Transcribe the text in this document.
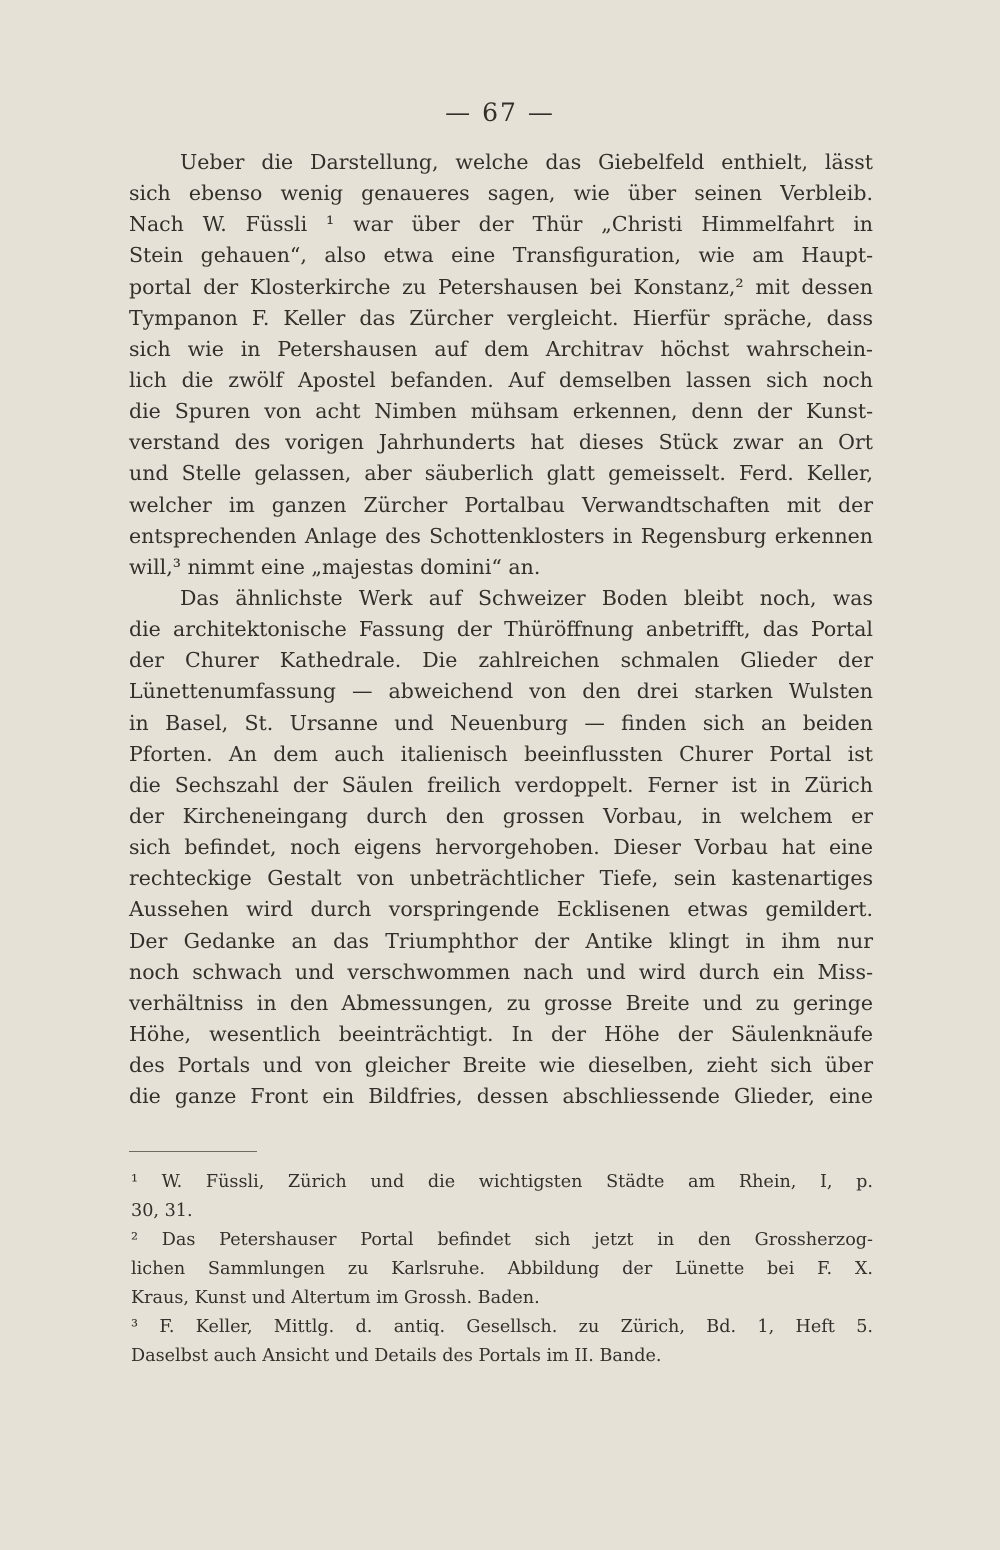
— 67 —
Ueber die Darstellung, welche das Giebelfeld enthielt, lässt
sich ebenso wenig genaueres sagen, wie über seinen Verbleib.
Nach W. Füssli ¹ war über der Thür „Christi Himmelfahrt in
Stein gehauen“, also etwa eine Transfiguration, wie am Haupt-
portal der Klosterkirche zu Petershausen bei Konstanz,² mit dessen
Tympanon F. Keller das Zürcher vergleicht. Hierfür spräche, dass
sich wie in Petershausen auf dem Architrav höchst wahrschein-
lich die zwölf Apostel befanden. Auf demselben lassen sich noch
die Spuren von acht Nimben mühsam erkennen, denn der Kunst-
verstand des vorigen Jahrhunderts hat dieses Stück zwar an Ort
und Stelle gelassen, aber säuberlich glatt gemeisselt. Ferd. Keller,
welcher im ganzen Zürcher Portalbau Verwandtschaften mit der
entsprechenden Anlage des Schottenklosters in Regensburg erkennen
will,³ nimmt eine „majestas domini“ an.
Das ähnlichste Werk auf Schweizer Boden bleibt noch, was
die architektonische Fassung der Thüröffnung anbetrifft, das Portal
der Churer Kathedrale. Die zahlreichen schmalen Glieder der
Lünettenumfassung — abweichend von den drei starken Wulsten
in Basel, St. Ursanne und Neuenburg — finden sich an beiden
Pforten. An dem auch italienisch beeinflussten Churer Portal ist
die Sechszahl der Säulen freilich verdoppelt. Ferner ist in Zürich
der Kircheneingang durch den grossen Vorbau, in welchem er
sich befindet, noch eigens hervorgehoben. Dieser Vorbau hat eine
rechteckige Gestalt von unbeträchtlicher Tiefe, sein kastenartiges
Aussehen wird durch vorspringende Ecklisenen etwas gemildert.
Der Gedanke an das Triumphthor der Antike klingt in ihm nur
noch schwach und verschwommen nach und wird durch ein Miss-
verhältniss in den Abmessungen, zu grosse Breite und zu geringe
Höhe, wesentlich beeinträchtigt. In der Höhe der Säulenknäufe
des Portals und von gleicher Breite wie dieselben, zieht sich über
die ganze Front ein Bildfries, dessen abschliessende Glieder, eine
¹ W. Füssli, Zürich und die wichtigsten Städte am Rhein, I, p.
30, 31.
² Das Petershauser Portal befindet sich jetzt in den Grossherzog-
lichen Sammlungen zu Karlsruhe. Abbildung der Lünette bei F. X.
Kraus, Kunst und Altertum im Grossh. Baden.
³ F. Keller, Mittlg. d. antiq. Gesellsch. zu Zürich, Bd. 1, Heft 5.
Daselbst auch Ansicht und Details des Portals im II. Bande.
